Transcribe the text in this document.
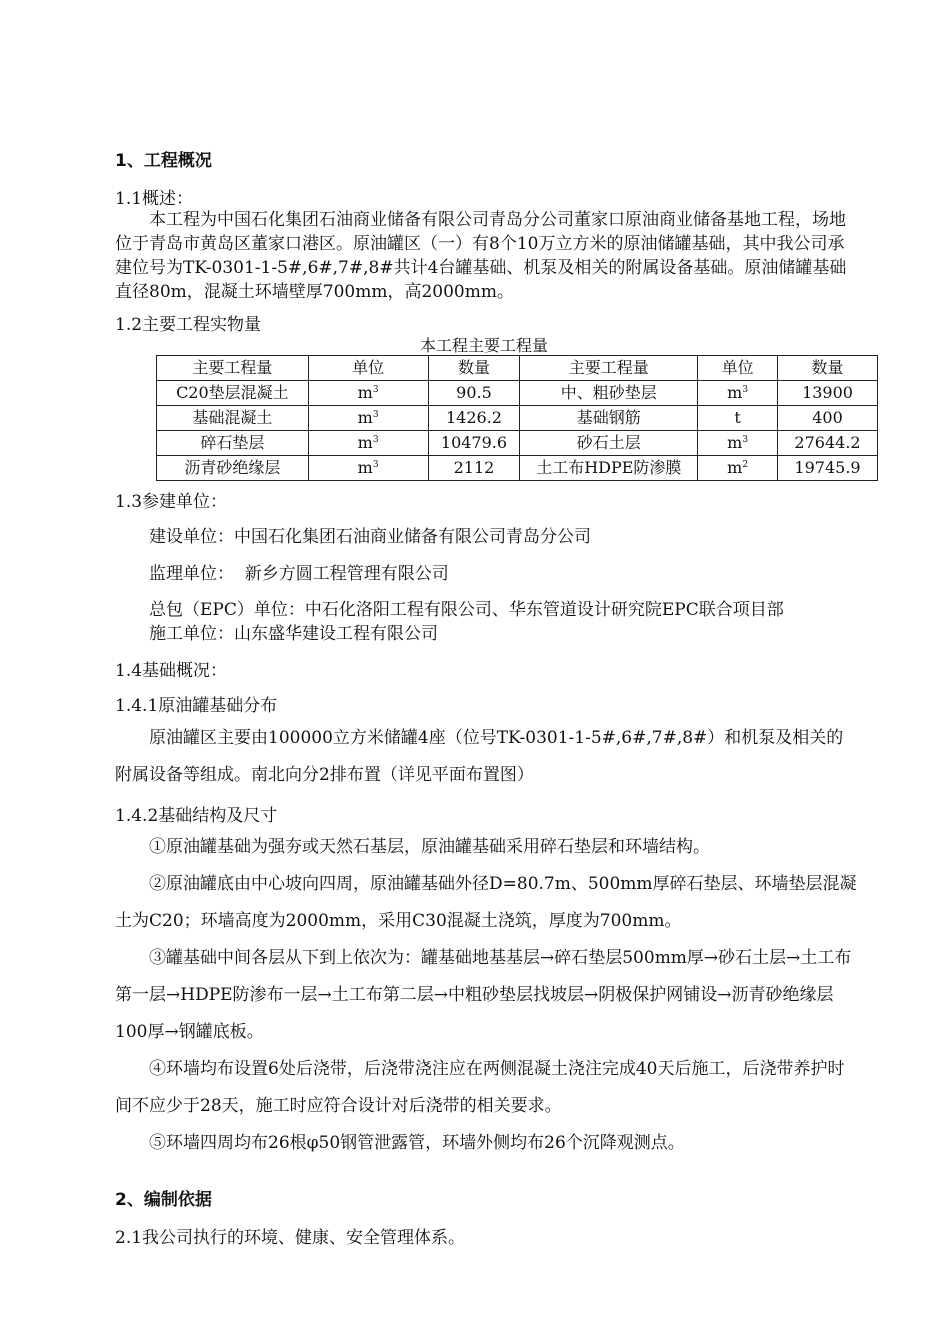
1、工程概况
1.1概述：
本工程为中国石化集团石油商业储备有限公司青岛分公司董家口原油商业储备基地工程，场地位于青岛市黄岛区董家口港区。原油罐区（一）有8个10万立方米的原油储罐基础，其中我公司承建位号为TK-0301-1-5#,6#,7#,8#共计4台罐基础、机泵及相关的附属设备基础。原油储罐基础直径80m，混凝土环墙壁厚700mm，高2000mm。
1.2主要工程实物量
本工程主要工程量
主要工程量	单位	数量	主要工程量	单位	数量
C20垫层混凝土	$m^3$	90.5	中、粗砂垫层	$m^3$	13900
基础混凝土	$m^3$	1426.2	基础钢筋	t	400
碎石垫层	$m^3$	10479.6	砂石土层	$m^3$	27644.2
沥青砂绝缘层	$m^3$	2112	土工布HDPE防渗膜	$m^2$	19745.9
1.3参建单位：
建设单位：中国石化集团石油商业储备有限公司青岛分公司
监理单位：  新乡方圆工程管理有限公司
总包（EPC）单位：中石化洛阳工程有限公司、华东管道设计研究院EPC联合项目部
施工单位：山东盛华建设工程有限公司
1.4基础概况：
1.4.1原油罐基础分布
原油罐区主要由100000立方米储罐4座（位号TK-0301-1-5#,6#,7#,8#）和机泵及相关的附属设备等组成。南北向分2排布置（详见平面布置图）
1.4.2基础结构及尺寸
①原油罐基础为强夯或天然石基层，原油罐基础采用碎石垫层和环墙结构。
②原油罐底由中心坡向四周，原油罐基础外径D=80.7m、500mm厚碎石垫层、环墙垫层混凝土为C20；环墙高度为2000mm，采用C30混凝土浇筑，厚度为700mm。
③罐基础中间各层从下到上依次为：罐基础地基基层→碎石垫层500mm厚→砂石土层→土工布第一层→HDPE防渗布一层→土工布第二层→中粗砂垫层找坡层→阴极保护网铺设→沥青砂绝缘层100厚→钢罐底板。
④环墙均布设置6处后浇带，后浇带浇注应在两侧混凝土浇注完成40天后施工，后浇带养护时间不应少于28天，施工时应符合设计对后浇带的相关要求。
⑤环墙四周均布26根φ50钢管泄露管，环墙外侧均布26个沉降观测点。
2、编制依据
2.1我公司执行的环境、健康、安全管理体系。
